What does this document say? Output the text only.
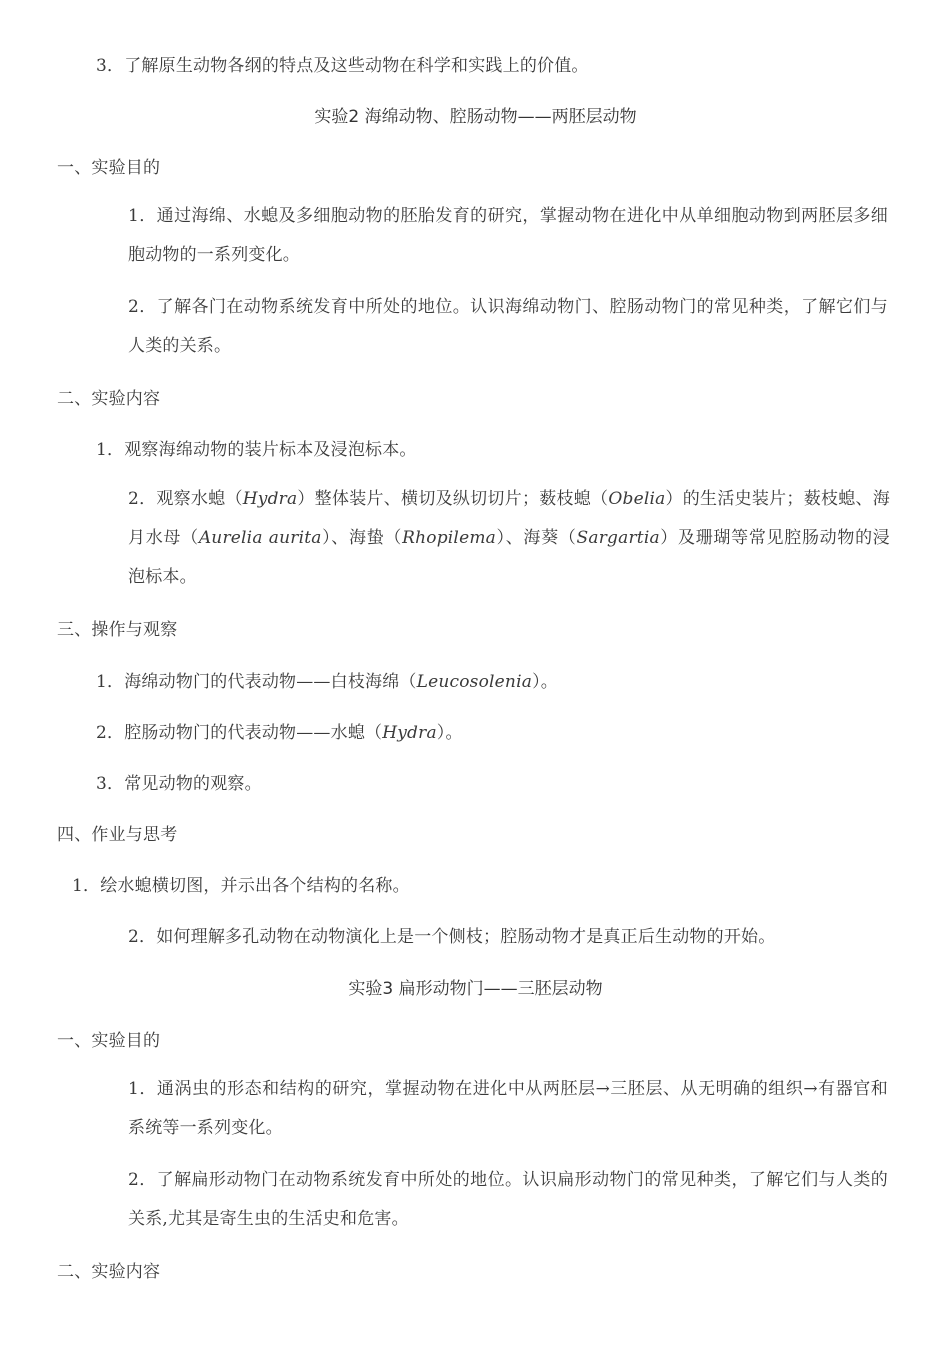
3．了解原生动物各纲的特点及这些动物在科学和实践上的价值。
实验2 海绵动物、腔肠动物——两胚层动物
一、实验目的
1．通过海绵、水螅及多细胞动物的胚胎发育的研究，掌握动物在进化中从单细胞动物到两胚层多细胞动物的一系列变化。
2．了解各门在动物系统发育中所处的地位。认识海绵动物门、腔肠动物门的常见种类，了解它们与人类的关系。
二、实验内容
1．观察海绵动物的装片标本及浸泡标本。
2．观察水螅（Hydra）整体装片、横切及纵切切片；薮枝螅（Obelia）的生活史装片；薮枝螅、海月水母（Aurelia aurita）、海蛰（Rhopilema）、海葵（Sargartia）及珊瑚等常见腔肠动物的浸泡标本。
三、操作与观察
1．海绵动物门的代表动物——白枝海绵（Leucosolenia）。
2．腔肠动物门的代表动物——水螅（Hydra）。
3．常见动物的观察。
四、作业与思考
1．绘水螅横切图，并示出各个结构的名称。
2．如何理解多孔动物在动物演化上是一个侧枝；腔肠动物才是真正后生动物的开始。
实验3 扁形动物门——三胚层动物
一、实验目的
1．通涡虫的形态和结构的研究，掌握动物在进化中从两胚层→三胚层、从无明确的组织→有器官和系统等一系列变化。
2．了解扁形动物门在动物系统发育中所处的地位。认识扁形动物门的常见种类，了解它们与人类的关系,尤其是寄生虫的生活史和危害。
二、实验内容
